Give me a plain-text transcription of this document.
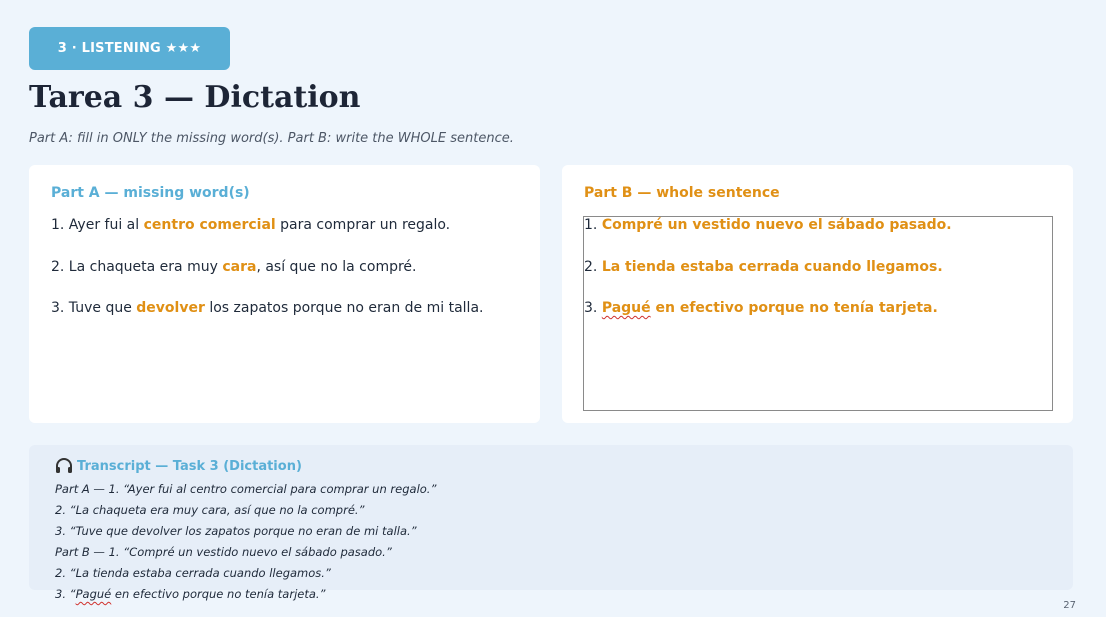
3 · LISTENING ★★★
Tarea 3 — Dictation
Part A: fill in ONLY the missing word(s). Part B: write the WHOLE sentence.
Part A — missing word(s)
1. Ayer fui al centro comercial para comprar un regalo.
2. La chaqueta era muy cara, así que no la compré.
3. Tuve que devolver los zapatos porque no eran de mi talla.
Part B — whole sentence
1. Compré un vestido nuevo el sábado pasado.
2. La tienda estaba cerrada cuando llegamos.
3. Pagué en efectivo porque no tenía tarjeta.
Transcript — Task 3 (Dictation)
Part A — 1. “Ayer fui al centro comercial para comprar un regalo.”
2. “La chaqueta era muy cara, así que no la compré.”
3. “Tuve que devolver los zapatos porque no eran de mi talla.”
Part B — 1. “Compré un vestido nuevo el sábado pasado.”
2. “La tienda estaba cerrada cuando llegamos.”
3. “Pagué en efectivo porque no tenía tarjeta.”
27
